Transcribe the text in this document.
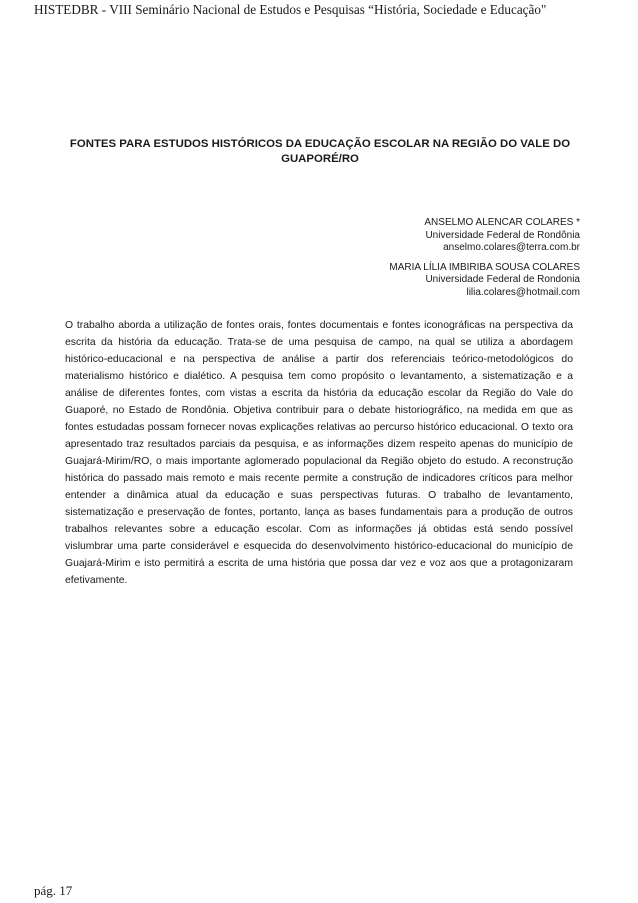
HISTEDBR - VIII Seminário Nacional de Estudos e Pesquisas “História, Sociedade e Educação"
FONTES PARA ESTUDOS HISTÓRICOS DA EDUCAÇÃO ESCOLAR NA REGIÃO DO VALE DO GUAPORÉ/RO
ANSELMO ALENCAR COLARES *
Universidade Federal de Rondônia
anselmo.colares@terra.com.br
MARIA LÍLIA IMBIRIBA SOUSA COLARES
Universidade Federal de Rondonia
lilia.colares@hotmail.com
O trabalho aborda a utilização de fontes orais, fontes documentais e fontes iconográficas na perspectiva da escrita da história da educação. Trata-se de uma pesquisa de campo, na qual se utiliza a abordagem histórico-educacional e na perspectiva de análise a partir dos referenciais teórico-metodológicos do materialismo histórico e dialético. A pesquisa tem como propósito o levantamento, a sistematização e a análise de diferentes fontes, com vistas a escrita da história da educação escolar da Região do Vale do Guaporé, no Estado de Rondônia. Objetiva contribuir para o debate historiográfico, na medida em que as fontes estudadas possam fornecer novas explicações relativas ao percurso histórico educacional. O texto ora apresentado traz resultados parciais da pesquisa, e as informações dizem respeito apenas do município de Guajará-Mirim/RO, o mais importante aglomerado populacional da Região objeto do estudo. A reconstrução histórica do passado mais remoto e mais recente permite a construção de indicadores críticos para melhor entender a dinâmica atual da educação e suas perspectivas futuras. O trabalho de levantamento, sistematização e preservação de fontes, portanto, lança as bases fundamentais para a produção de outros trabalhos relevantes sobre a educação escolar. Com as informações já obtidas está sendo possível vislumbrar uma parte considerável e esquecida do desenvolvimento histórico-educacional do município de Guajará-Mirim e isto permitirá a escrita de uma história que possa dar vez e voz aos que a protagonizaram efetivamente.
pág. 17
